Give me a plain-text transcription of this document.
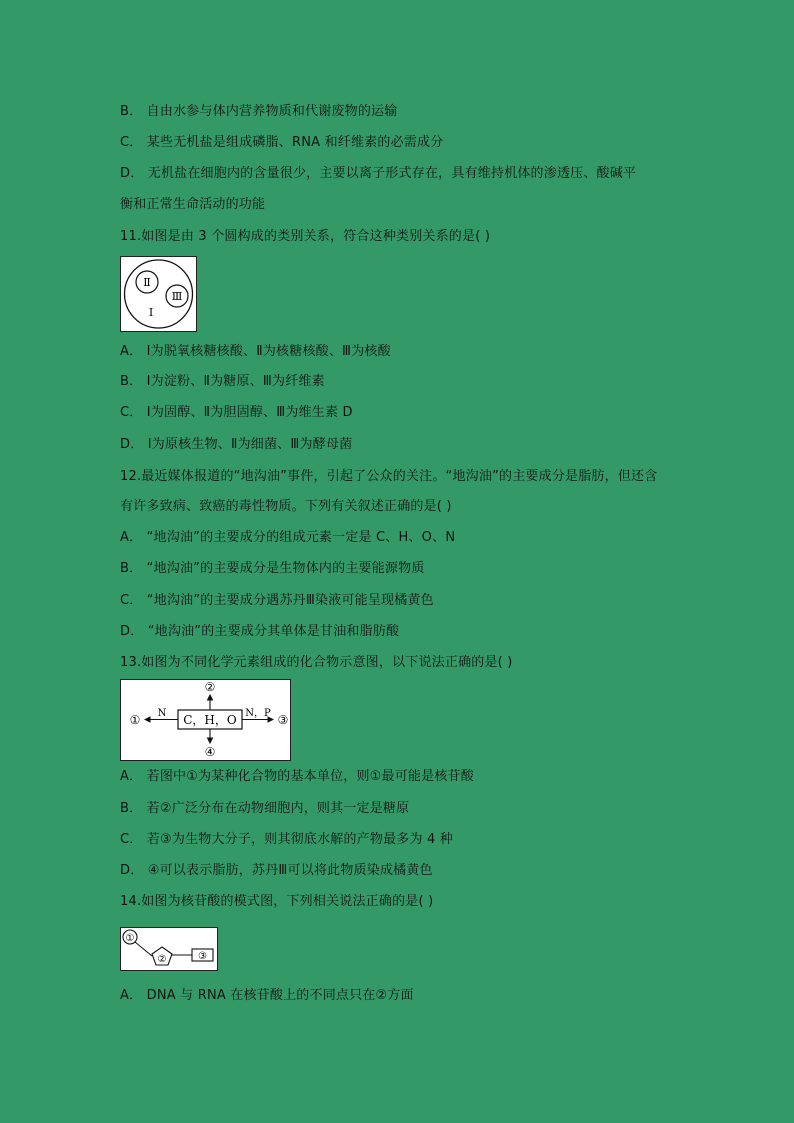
B． 自由水参与体内营养物质和代谢废物的运输
C． 某些无机盐是组成磷脂、RNA 和纤维素的必需成分
D． 无机盐在细胞内的含量很少，主要以离子形式存在，具有维持机体的渗透压、酸碱平
衡和正常生命活动的功能
11.如图是由 3 个圆构成的类别关系，符合这种类别关系的是( )
Ⅱ
Ⅲ
Ⅰ
A． Ⅰ为脱氧核糖核酸、Ⅱ为核糖核酸、Ⅲ为核酸
B． Ⅰ为淀粉、Ⅱ为糖原、Ⅲ为纤维素
C． Ⅰ为固醇、Ⅱ为胆固醇、Ⅲ为维生素 D
D． Ⅰ为原核生物、Ⅱ为细菌、Ⅲ为酵母菌
12.最近媒体报道的“地沟油”事件，引起了公众的关注。“地沟油”的主要成分是脂肪，但还含
有许多致病、致癌的毒性物质。下列有关叙述正确的是( )
A． “地沟油”的主要成分的组成元素一定是 C、H、O、N
B． “地沟油”的主要成分是生物体内的主要能源物质
C． “地沟油”的主要成分遇苏丹Ⅲ染液可能呈现橘黄色
D． “地沟油”的主要成分其单体是甘油和脂肪酸
13.如图为不同化学元素组成的化合物示意图，以下说法正确的是( )
C，H，O
N
①	N，P ③
②
④
A． 若图中①为某种化合物的基本单位，则①最可能是核苷酸
B． 若②广泛分布在动物细胞内，则其一定是糖原
C． 若③为生物大分子，则其彻底水解的产物最多为 4 种
D． ④可以表示脂肪，苏丹Ⅲ可以将此物质染成橘黄色
14.如图为核苷酸的模式图，下列相关说法正确的是( )
①
②	③
A． DNA 与 RNA 在核苷酸上的不同点只在②方面
